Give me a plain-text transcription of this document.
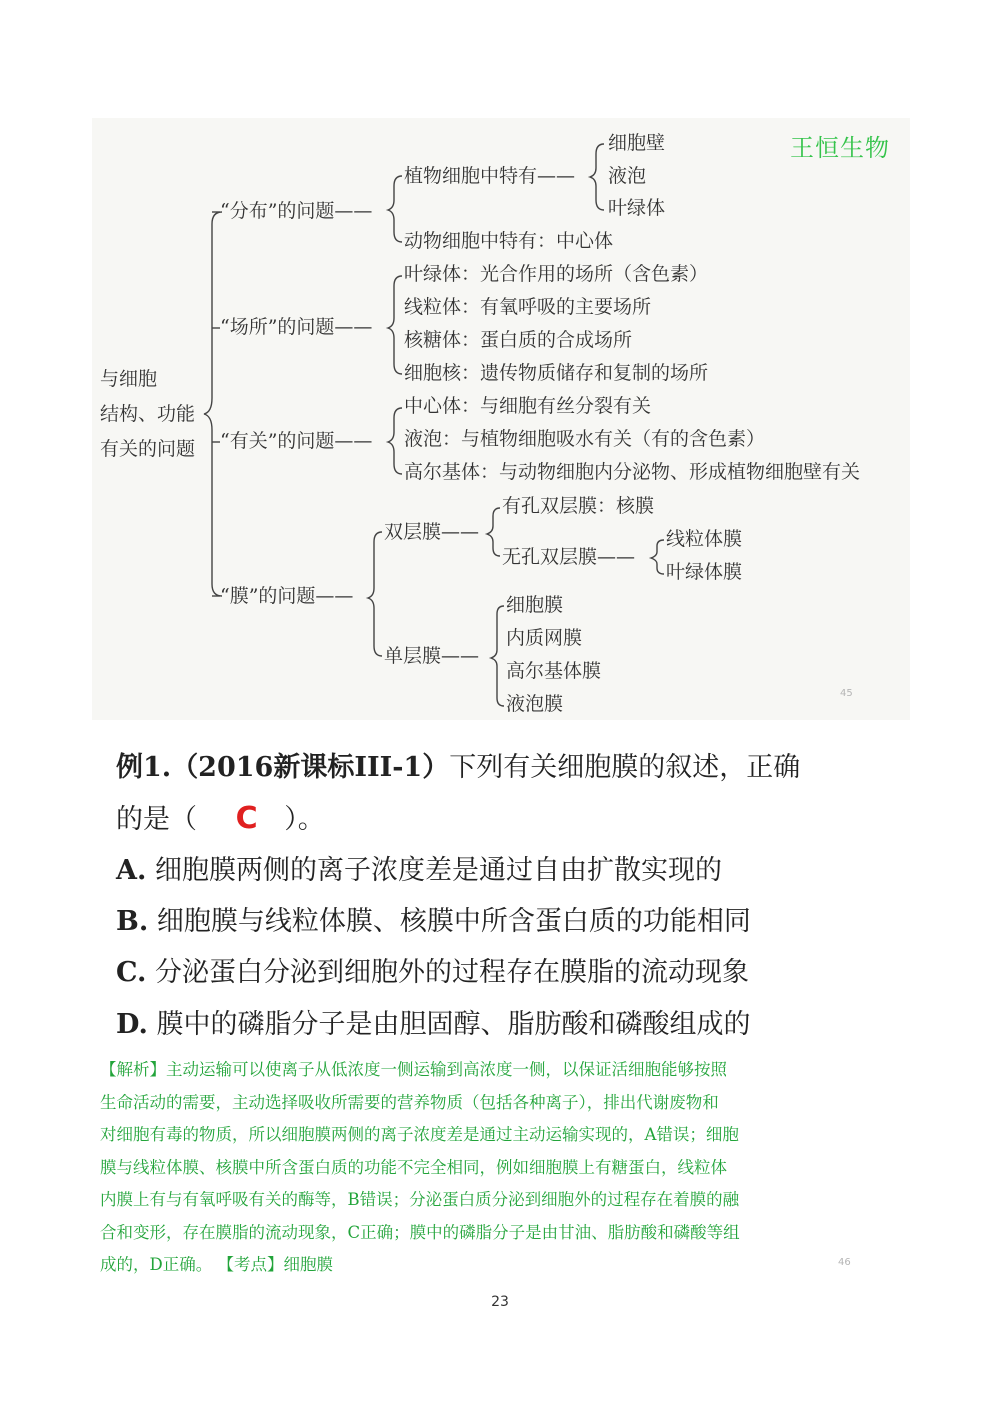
王恒生物
与细胞
结构、功能
有关的问题
“分布”的问题——
植物细胞中特有——
细胞壁
液泡
叶绿体
动物细胞中特有：中心体
“场所”的问题——
叶绿体：光合作用的场所（含色素）
线粒体：有氧呼吸的主要场所
核糖体：蛋白质的合成场所
细胞核：遗传物质储存和复制的场所
“有关”的问题——
中心体：与细胞有丝分裂有关
液泡：与植物细胞吸水有关（有的含色素）
高尔基体：与动物细胞内分泌物、形成植物细胞壁有关
“膜”的问题——
双层膜——
有孔双层膜：核膜
无孔双层膜——
线粒体膜
叶绿体膜
单层膜——
细胞膜
内质网膜
高尔基体膜
液泡膜	45
例1.（2016新课标III-1）下列有关细胞膜的叙述，正确
的是（ C ）。
A. 细胞膜两侧的离子浓度差是通过自由扩散实现的
B. 细胞膜与线粒体膜、核膜中所含蛋白质的功能相同
C. 分泌蛋白分泌到细胞外的过程存在膜脂的流动现象
D. 膜中的磷脂分子是由胆固醇、脂肪酸和磷酸组成的
【解析】主动运输可以使离子从低浓度一侧运输到高浓度一侧，以保证活细胞能够按照
生命活动的需要，主动选择吸收所需要的营养物质（包括各种离子），排出代谢废物和
对细胞有毒的物质，所以细胞膜两侧的离子浓度差是通过主动运输实现的，A错误；细胞
膜与线粒体膜、核膜中所含蛋白质的功能不完全相同，例如细胞膜上有糖蛋白，线粒体
内膜上有与有氧呼吸有关的酶等，B错误；分泌蛋白质分泌到细胞外的过程存在着膜的融
合和变形，存在膜脂的流动现象，C正确；膜中的磷脂分子是由甘油、脂肪酸和磷酸等组
成的，D正确。 【考点】细胞膜	46
23
